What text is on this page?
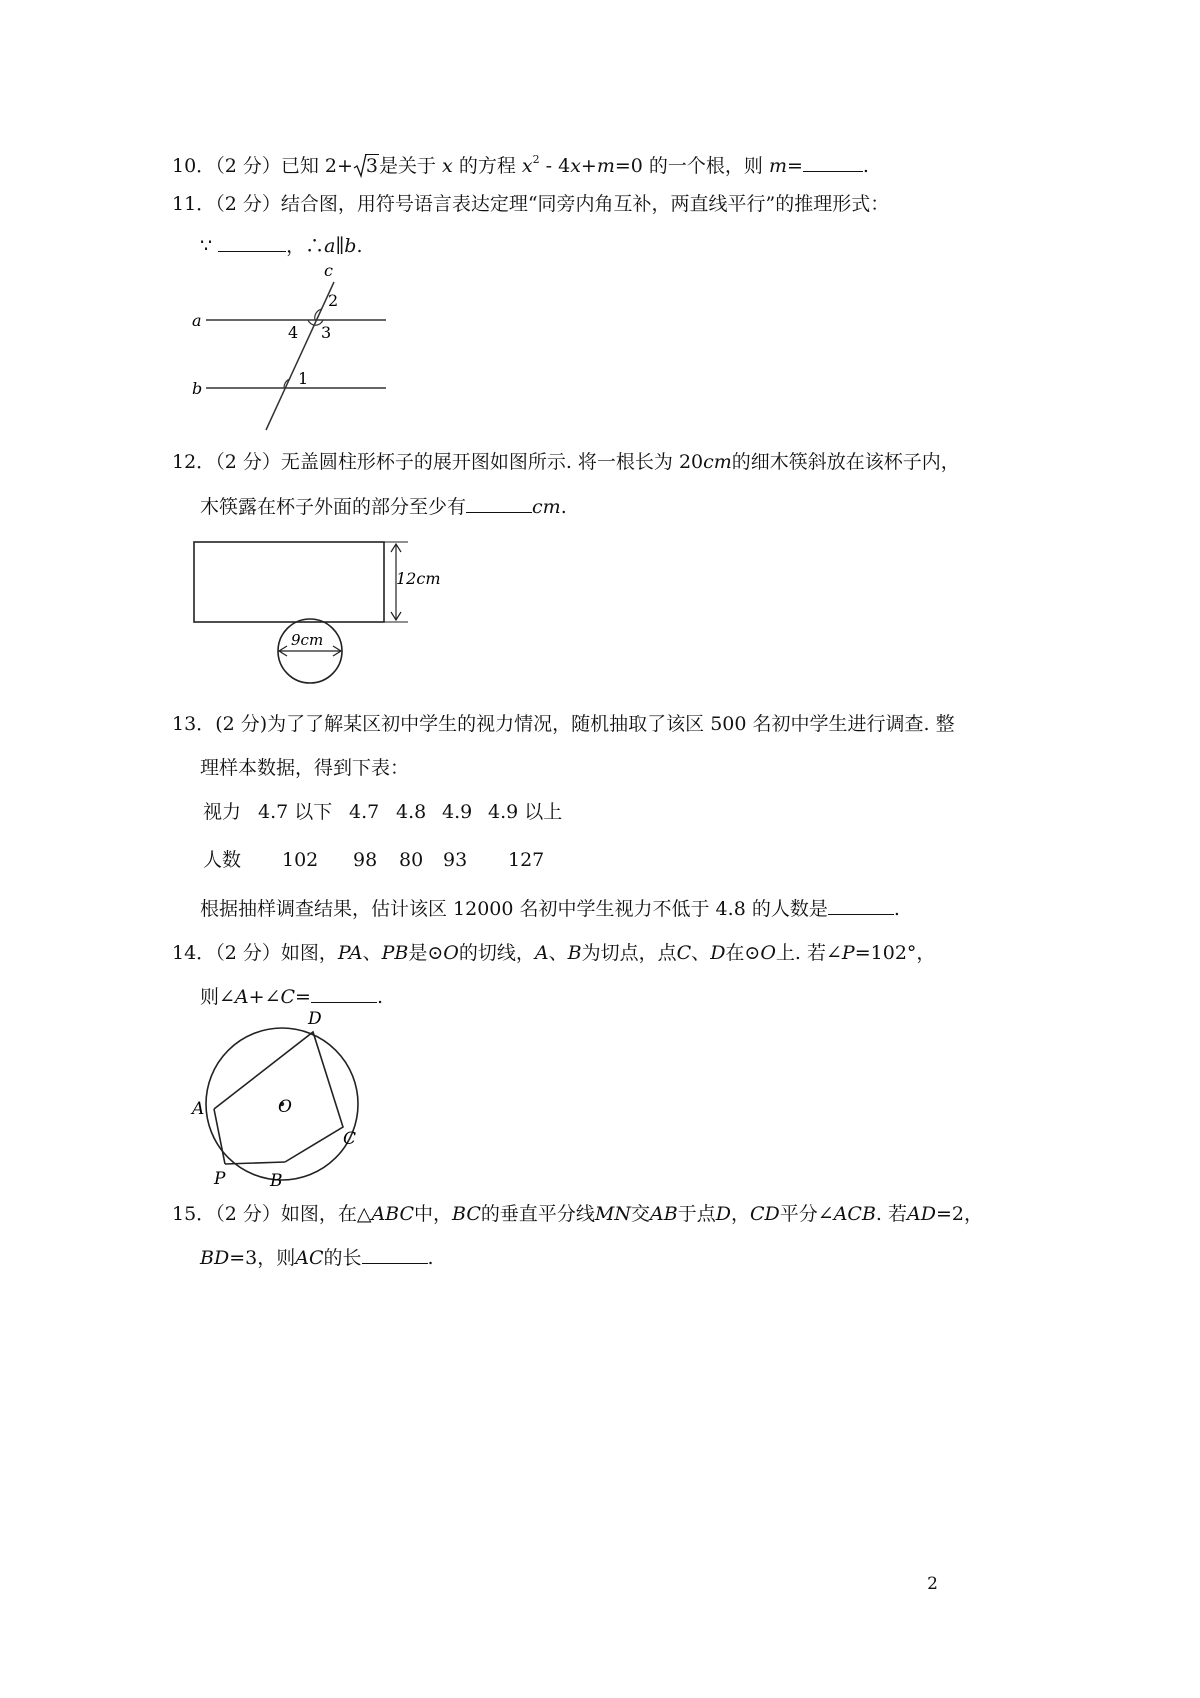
10．（2 分）已知 2+ 3是关于 x 的方程 $x^2 - 4x+m=0$ 的一个根，则 m=	.
11．（2 分）结合图，用符号语言表达定理“同旁内角互补，两直线平行”的推理形式：
∵	，∴a∥b.
c
a
b
2
3
4
1
12．（2 分）无盖圆柱形杯子的展开图如图所示. 将一根长为 20cm的细木筷斜放在该杯子内，
木筷露在杯子外面的部分至少有	cm.
12cm
9cm
13．(2 分)为了了解某区初中学生的视力情况，随机抽取了该区 500 名初中学生进行调查. 整
理样本数据，得到下表：
视力 4.7 以下 4.7 4.8 4.9 4.9 以上
人数 102 98 80 93 127
根据抽样调查结果，估计该区 12000 名初中学生视力不低于 4.8 的人数是	.
14．（2 分）如图，PA、PB是⊙O的切线，A、B为切点，点C、D在⊙O上. 若∠P=102°，
则∠A+∠C=	.
D
O
A
C
P	B
15．（2 分）如图，在△ABC中，BC的垂直平分线MN交AB于点D，CD平分∠ACB. 若AD=2，
BD=3，则AC的长	.
2
